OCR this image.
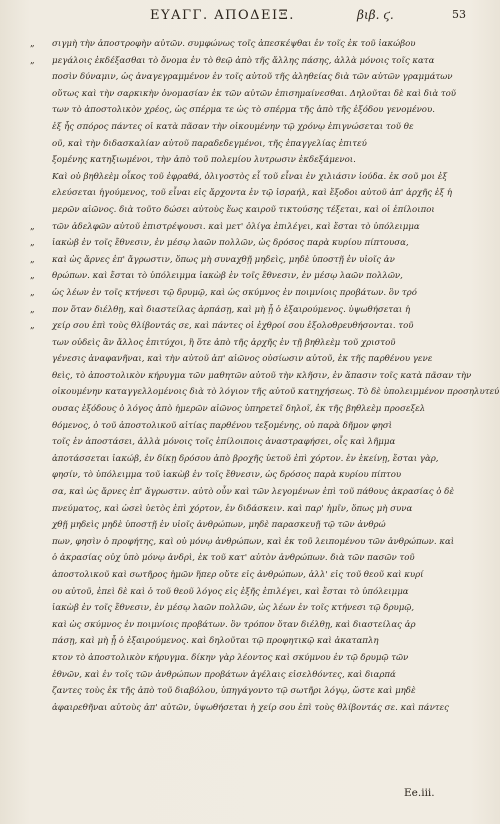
ΕΥΑΓΓ. ΑΠΟΔΕΙΞ.	βιβ. ϛ.	53
„ σιγμὴ τὴν ἀποστροφὴν αὐτῶν. συμφώνως τοῖς ἀπεσκέψθαι ἐν τοῖς ἐκ τοῦ ἰακώβου
„ μεγάλοις ἐκδέξασθαι τὸ ὄνομα ἐν τὸ θεῷ ἀπὸ τῆς ἄλλης πάσης, ἀλλὰ μόνοις τοῖς κατα
ποσὶν δύναμιν, ὡς ἀναγεγραμμένον ἐν τοῖς αὐτοῦ τῆς ἀληθείας διὰ τῶν αὐτῶν γραμμάτων
οὕτως καὶ τὴν σαρκικὴν ὀνομασίαν ἐκ τῶν αὐτῶν ἐπισημαίνεσθαι. Δηλοῦται δὲ καὶ διὰ τοῦ
των τὸ ἀποστολικὸν χρέος, ὡς σπέρμα τε ὡς τὸ σπέρμα τῆς ἀπὸ τῆς ἐξόδου γενομένου.
ἐξ ἧς σπόρος πάντες οἱ κατὰ πᾶσαν τὴν οἰκουμένην τῷ χρόνῳ ἐπιγνώσεται τοῦ θε
οῦ, καὶ τὴν διδασκαλίαν αὐτοῦ παραδεδεγμένοι, τῆς ἐπαγγελίας ἐπιτεύ
ξομένης κατηξιωμένοι, τὴν ἀπὸ τοῦ πολεμίου λυτρωσιν ἐκδεξάμενοι.
Καὶ οὐ βηθλεὲμ οἶκος τοῦ ἐφραθά, ὀλιγοστὸς εἶ τοῦ εἶναι ἐν χιλιάσιν ἰούδα. ἐκ σοῦ μοι ἐξ
ελεύσεται ἡγούμενος, τοῦ εἶναι εἰς ἄρχοντα ἐν τῷ ἰσραήλ, καὶ ἔξοδοι αὐτοῦ ἀπ' ἀρχῆς ἐξ ἡ
μερῶν αἰῶνος. διὰ τοῦτο δώσει αὐτοὺς ἕως καιροῦ τικτούσης τέξεται, καὶ οἱ ἐπίλοιποι
„ τῶν ἀδελφῶν αὐτοῦ ἐπιστρέψουσι. καὶ μετ' ὀλίγα ἐπιλέγει, καὶ ἔσται τὸ ὑπόλειμμα
„ ἰακὼβ ἐν τοῖς ἔθνεσιν, ἐν μέσῳ λαῶν πολλῶν, ὡς δρόσος παρὰ κυρίου πίπτουσα,
„ καὶ ὡς ἄρνες ἐπ' ἄγρωστιν, ὅπως μὴ συναχθῇ μηδεὶς, μηδὲ ὑποστῇ ἐν υἱοῖς ἀν
„ θρώπων. καὶ ἔσται τὸ ὑπόλειμμα ἰακὼβ ἐν τοῖς ἔθνεσιν, ἐν μέσῳ λαῶν πολλῶν,
„ ὡς λέων ἐν τοῖς κτήνεσι τῷ δρυμῷ, καὶ ὡς σκύμνος ἐν ποιμνίοις προβάτων. ὃν τρό
„ πον ὅταν διέλθῃ, καὶ διαστείλας ἁρπάσῃ, καὶ μὴ ᾖ ὁ ἐξαιρούμενος. ὑψωθήσεται ἡ
„ χείρ σου ἐπὶ τοὺς θλίβοντάς σε, καὶ πάντες οἱ ἐχθροί σου ἐξολοθρευθήσονται. τοῦ
των οὐδεὶς ἂν ἄλλος ἐπιτύχοι, ἢ ὅτε ἀπὸ τῆς ἀρχῆς ἐν τῇ βηθλεὲμ τοῦ χριστοῦ
γένεσις ἀναφανῆναι, καὶ τὴν αὐτοῦ ἀπ' αἰῶνος οὐσίωσιν αὐτοῦ, ἐκ τῆς παρθένου γενε
θεὶς, τὸ ἀποστολικὸν κήρυγμα τῶν μαθητῶν αὐτοῦ τὴν κλῆσιν, ἐν ἅπασιν τοῖς κατὰ πᾶσαν τὴν
οἰκουμένην καταγγελλομένοις διὰ τὸ λόγιον τῆς αὐτοῦ κατηχήσεως. Τὸ δὲ ὑπολειμμένον προσηλυτεύ
ουσας ἐξόδους ὁ λόγος ἀπὸ ἡμερῶν αἰῶνος ὑπηρετεῖ δηλοῖ, ἐκ τῆς βηθλεὲμ προσεξελ
θόμενος, ὁ τοῦ ἀποστολικοῦ αἰτίας παρθένου τεξομένης, οὐ παρὰ δῆμον φησὶ
τοῖς ἐν ἀποστάσει, ἀλλὰ μόνοις τοῖς ἐπίλοιποις ἀναστραφήσει, οἷς καὶ λῆμμα
ἀποτάσσεται ἰακώβ, ἐν δίκῃ δρόσου ἀπὸ βροχῆς ὑετοῦ ἐπὶ χόρτον. ἐν ἐκείνῃ, ἔσται γὰρ,
φησίν, τὸ ὑπόλειμμα τοῦ ἰακὼβ ἐν τοῖς ἔθνεσιν, ὡς δρόσος παρὰ κυρίου πίπτου
σα, καὶ ὡς ἄρνες ἐπ' ἄγρωστιν. αὐτὸ οὖν καὶ τῶν λεγομένων ἐπὶ τοῦ πάθους ἀκρασίας ὁ δὲ
πνεύματος, καὶ ὡσεὶ ὑετὸς ἐπὶ χόρτον, ἐν διδάσκειν. καὶ παρ' ἡμῖν, ὅπως μὴ συνα
χθῇ μηδεὶς μηδὲ ὑποστῇ ἐν υἱοῖς ἀνθρώπων, μηδὲ παρασκευῇ τῷ τῶν ἀνθρώ
πων, φησὶν ὁ προφήτης, καὶ οὐ μόνῳ ἀνθρώπων, καὶ ἐκ τοῦ λειπομένου τῶν ἀνθρώπων. καὶ
ὁ ἀκρασίας οὐχ ὑπὸ μόνῳ ἀνδρὶ, ἐκ τοῦ κατ' αὐτὸν ἀνθρώπων. διὰ τῶν πασῶν τοῦ
ἀποστολικοῦ καὶ σωτῆρος ἡμῶν ἥπερ οὔτε εἰς ἀνθρώπων, ἀλλ' εἰς τοῦ θεοῦ καὶ κυρί
ου αὐτοῦ, ἐπεὶ δὲ καὶ ὁ τοῦ θεοῦ λόγος εἰς ἐξῆς ἐπιλέγει, καὶ ἔσται τὸ ὑπόλειμμα
ἰακὼβ ἐν τοῖς ἔθνεσιν, ἐν μέσῳ λαῶν πολλῶν, ὡς λέων ἐν τοῖς κτήνεσι τῷ δρυμῷ,
καὶ ὡς σκύμνος ἐν ποιμνίοις προβάτων. ὃν τρόπον ὅταν διέλθῃ, καὶ διαστείλας ἁρ
πάσῃ, καὶ μὴ ᾖ ὁ ἐξαιρούμενος. καὶ δηλοῦται τῷ προφητικῷ καὶ ἀκαταπλη
κτον τὸ ἀποστολικὸν κήρυγμα. δίκην γὰρ λέοντος καὶ σκύμνου ἐν τῷ δρυμῷ τῶν
ἐθνῶν, καὶ ἐν τοῖς τῶν ἀνθρώπων προβάτων ἀγέλαις εἰσελθόντες, καὶ διαρπά
ζαντες τοὺς ἐκ τῆς ἀπὸ τοῦ διαβόλου, ὑπηγάγοντο τῷ σωτῆρι λόγῳ, ὥστε καὶ μηδὲ
ἀφαιρεθῆναι αὐτοὺς ἀπ' αὐτῶν, ὑψωθήσεται ἡ χείρ σου ἐπὶ τοὺς θλίβοντάς σε. καὶ πάντες
Ee.iii.
